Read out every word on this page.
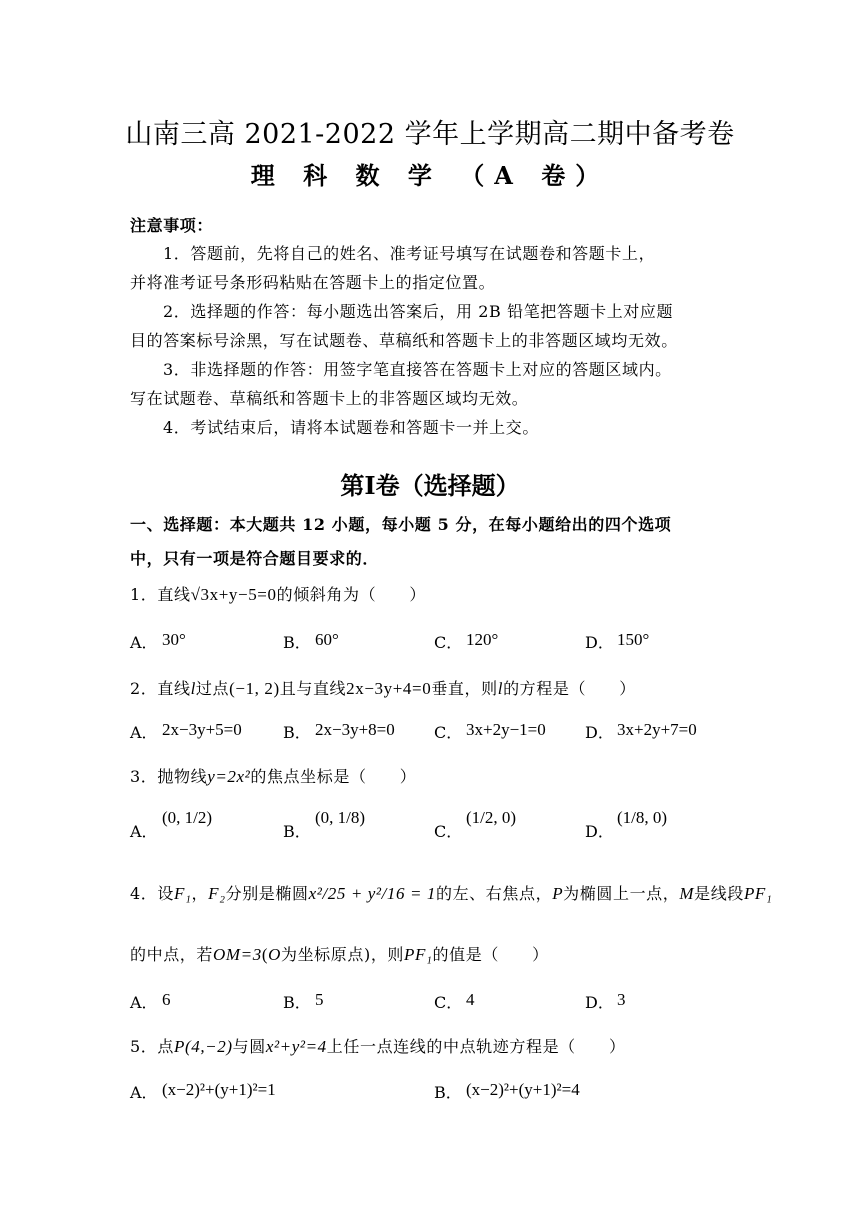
山南三高 2021-2022 学年上学期高二期中备考卷
理 科 数 学 （A 卷）
注意事项：
1．答题前，先将自己的姓名、准考证号填写在试题卷和答题卡上，
并将准考证号条形码粘贴在答题卡上的指定位置。
2．选择题的作答：每小题选出答案后，用 2B 铅笔把答题卡上对应题
目的答案标号涂黑，写在试题卷、草稿纸和答题卡上的非答题区域均无效。
3．非选择题的作答：用签字笔直接答在答题卡上对应的答题区域内。
写在试题卷、草稿纸和答题卡上的非答题区域均无效。
4．考试结束后，请将本试题卷和答题卡一并上交。
第Ⅰ卷（选择题）
一、选择题：本大题共 12 小题，每小题 5 分，在每小题给出的四个选项
中，只有一项是符合题目要求的．
1．直线√3x+y−5=0的倾斜角为（　　）
A． 30°	B． 60°	C． 120°	D． 150°
2．直线l过点(−1, 2)且与直线2x−3y+4=0垂直，则l的方程是（　　）
A． 2x−3y+5=0	B． 2x−3y+8=0 C． 3x+2y−1=0 D． 3x+2y+7=0
3．抛物线y=2x²的焦点坐标是（　　）
A．
(0, 1/2)
B．
(0, 1/8)
C．
(1/2, 0)
D．
(1/8, 0)
4．设F₁，F₂分别是椭圆x²/25 + y²/16 = 1的左、右焦点，P为椭圆上一点，M是线段PF₁
的中点，若OM=3(O为坐标原点)，则PF₁的值是（　　）
A． 6	B． 5	C． 4	D． 3
5．点P(4,−2)与圆x²+y²=4上任一点连线的中点轨迹方程是（　　）
A． (x−2)²+(y+1)²=1	B． (x−2)²+(y+1)²=4
